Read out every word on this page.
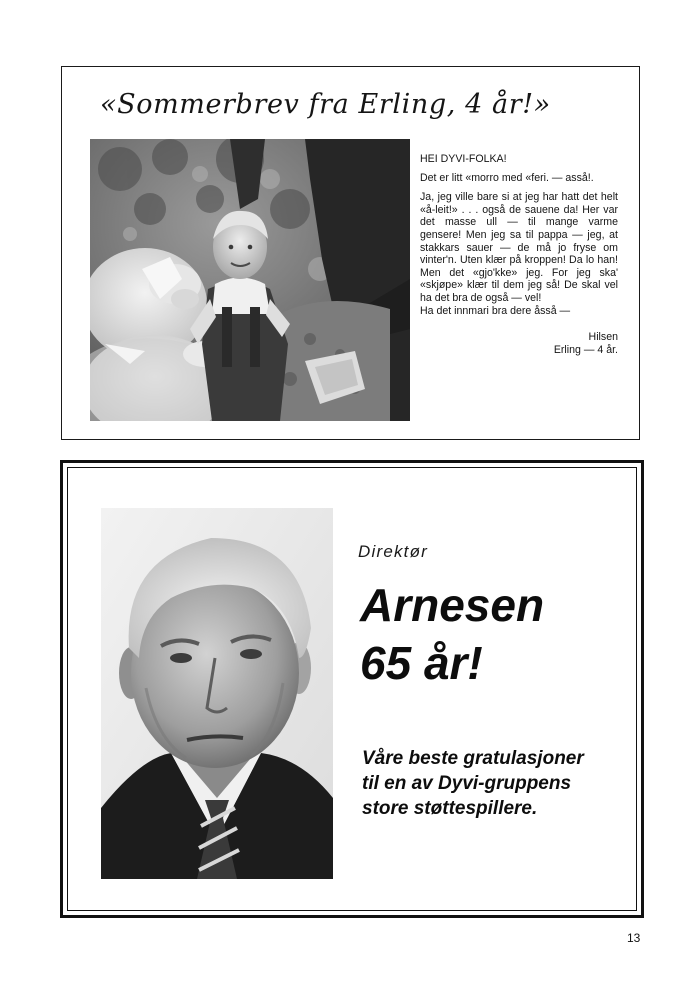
«Sommerbrev fra Erling, 4 år!»
HEI DYVI-FOLKA!
Det er litt «morro med «feri. — asså!.
Ja, jeg ville bare si at jeg har hatt det helt «å-leit!» . . . også de sauene da! Her var det masse ull — til mange varme gensere! Men jeg sa til pappa — jeg, at stakkars sauer — de må jo fryse om vinter'n. Uten klær på kroppen! Da lo han! Men det «gjo'kke» jeg. For jeg ska' «skjøpe» klær til dem jeg så! De skal vel ha det bra de også — vel!
Ha det innmari bra dere åsså —
Hilsen
Erling — 4 år.
Direktør
Arnesen
65 år!
Våre beste gratulasjoner
til en av Dyvi-gruppens
store støttespillere.
13
